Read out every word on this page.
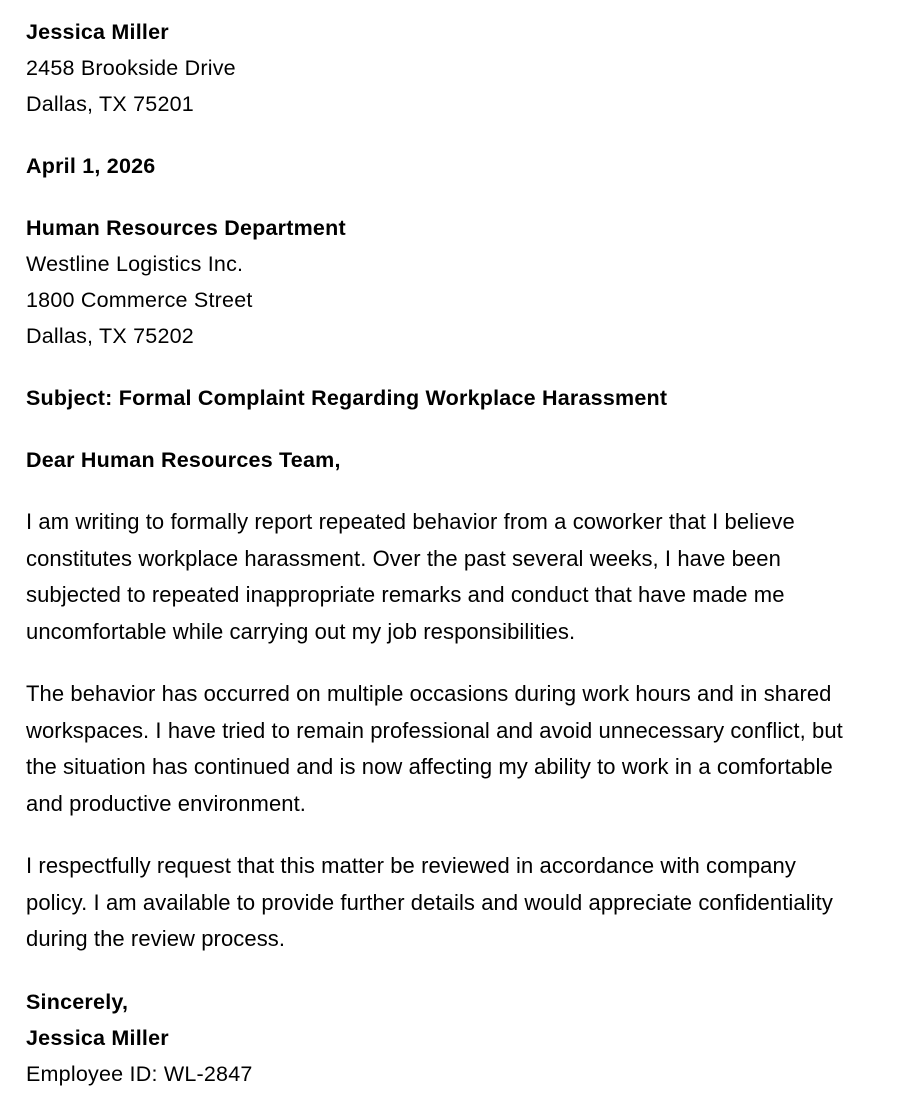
Jessica Miller
2458 Brookside Drive
Dallas, TX 75201
April 1, 2026
Human Resources Department
Westline Logistics Inc.
1800 Commerce Street
Dallas, TX 75202
Subject: Formal Complaint Regarding Workplace Harassment
Dear Human Resources Team,

I am writing to formally report repeated behavior from a coworker that I believe constitutes workplace harassment. Over the past several weeks, I have been subjected to repeated inappropriate remarks and conduct that have made me uncomfortable while carrying out my job responsibilities.

The behavior has occurred on multiple occasions during work hours and in shared workspaces. I have tried to remain professional and avoid unnecessary conflict, but the situation has continued and is now affecting my ability to work in a comfortable and productive environment.

I respectfully request that this matter be reviewed in accordance with company policy. I am available to provide further details and would appreciate confidentiality during the review process.

Sincerely,
Jessica Miller
Employee ID: WL-2847
